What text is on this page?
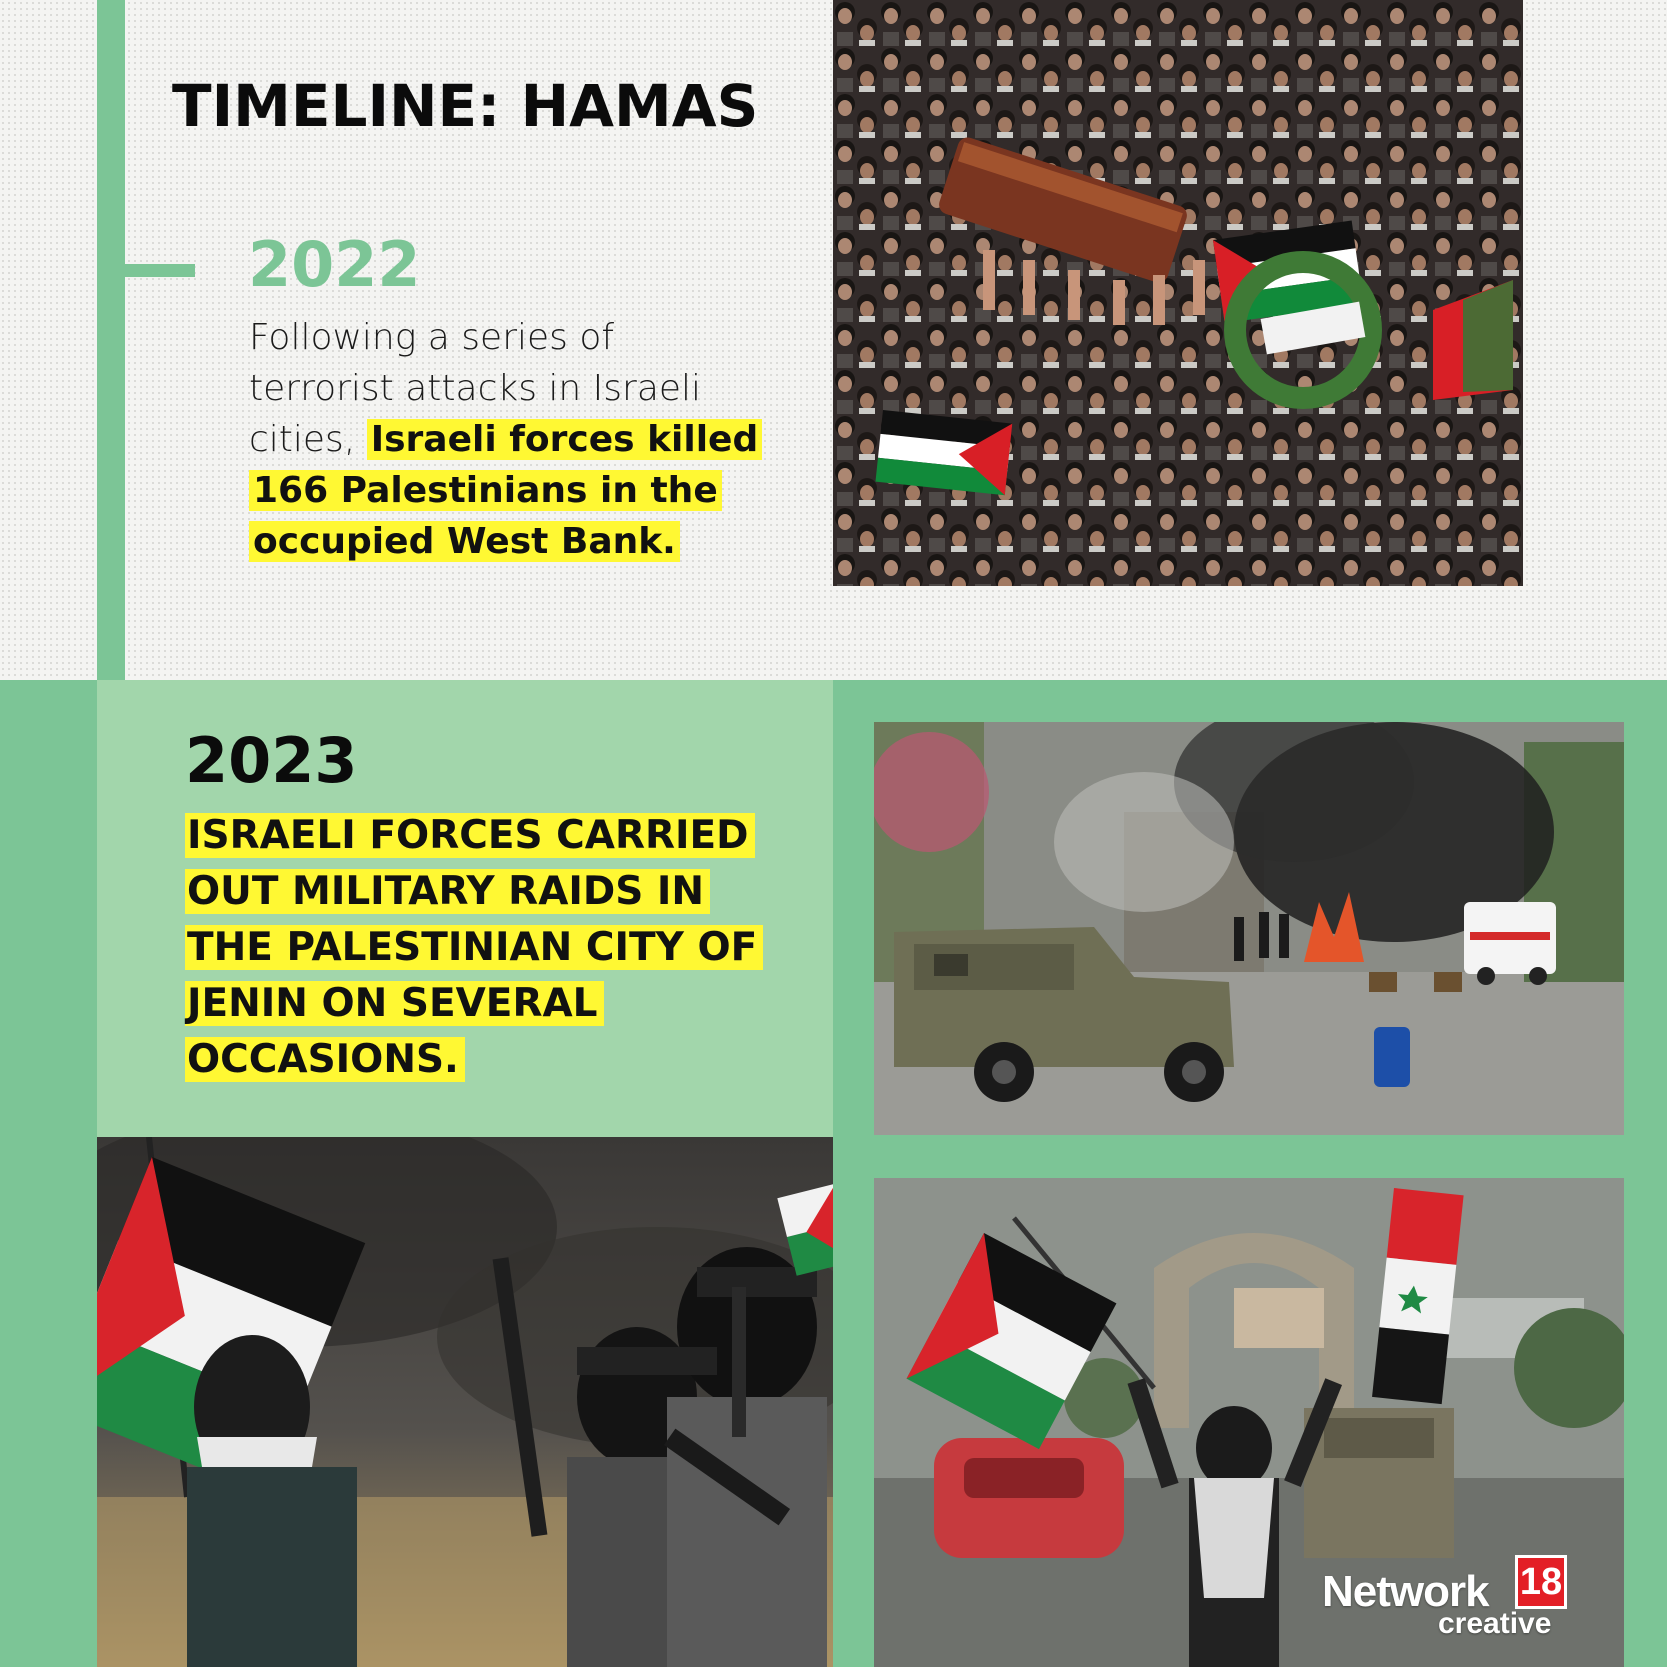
TIMELINE: HAMAS
2022

Following a series of terrorist attacks in Israeli cities, Israeli forces killed 166 Palestinians in the occupied West Bank.

2023

ISRAELI FORCES CARRIED OUT MILITARY RAIDS IN THE PALESTINIAN CITY OF JENIN ON SEVERAL OCCASIONS.

Network 18
creative
